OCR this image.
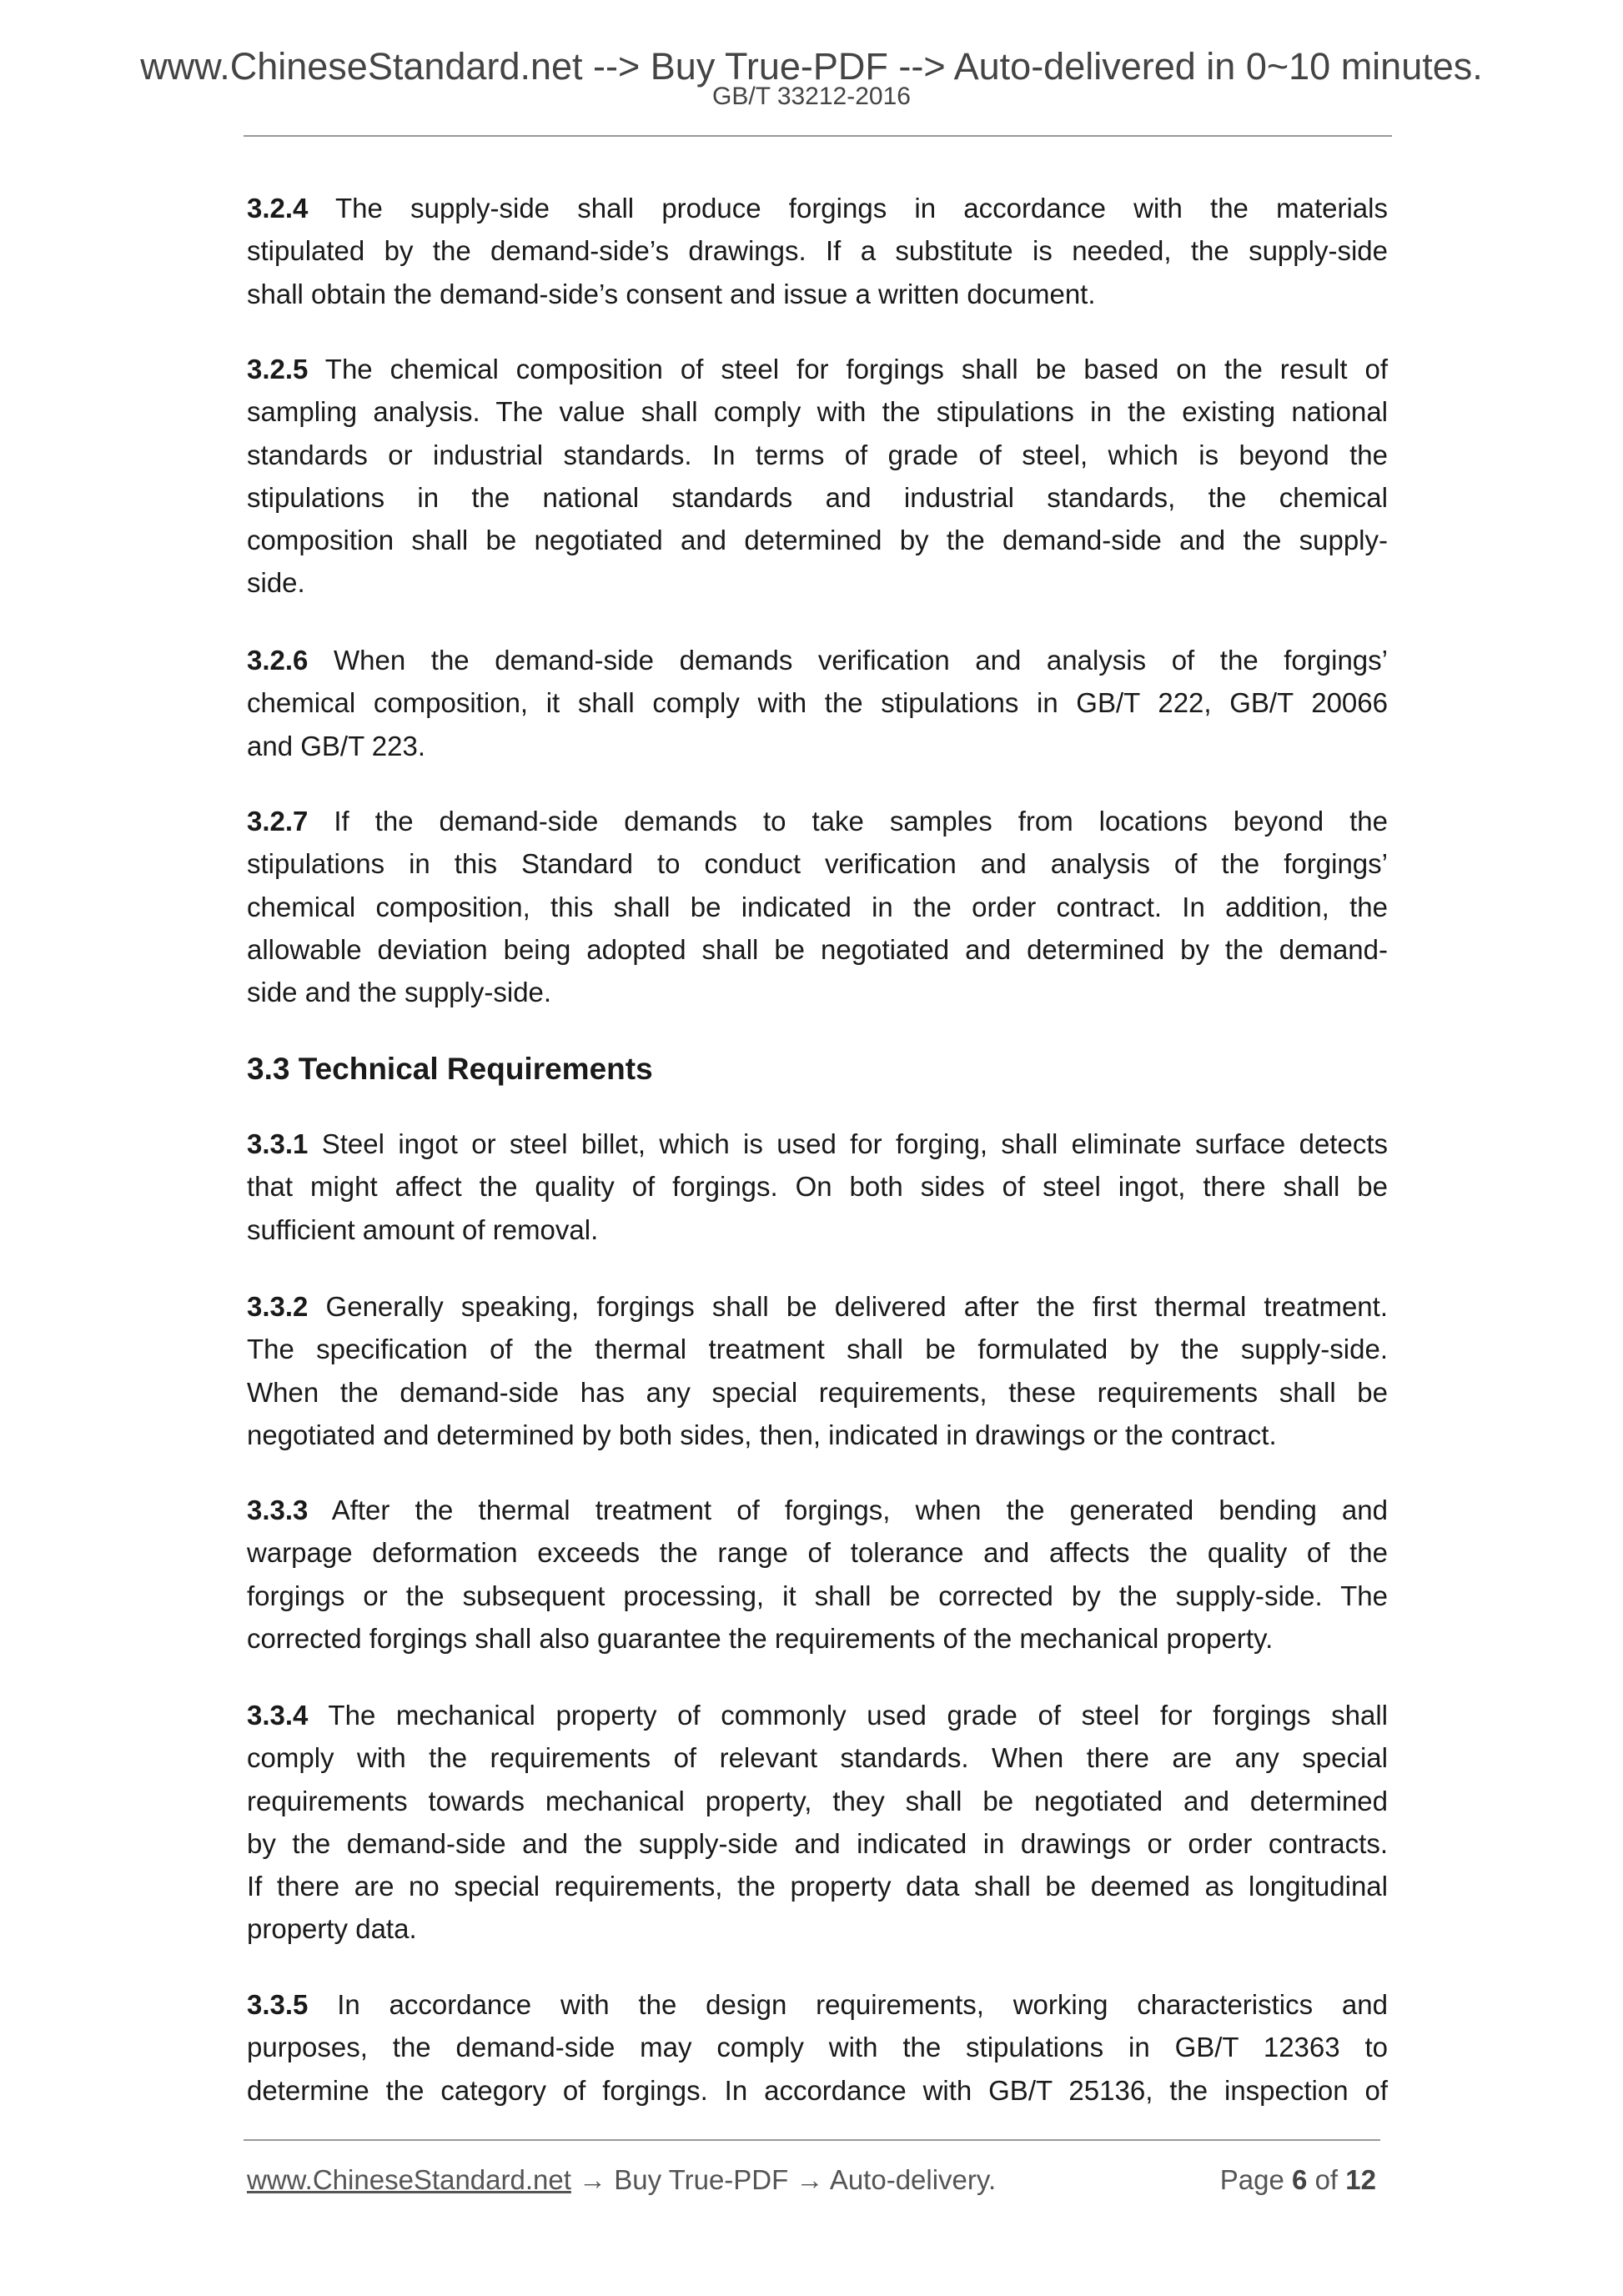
www.ChineseStandard.net --> Buy True-PDF --> Auto-delivered in 0~10 minutes.
GB/T 33212-2016
3.2.4 The supply-side shall produce forgings in accordance with the materials
stipulated by the demand-side’s drawings. If a substitute is needed, the supply-side
shall obtain the demand-side’s consent and issue a written document.
3.2.5 The chemical composition of steel for forgings shall be based on the result of
sampling analysis. The value shall comply with the stipulations in the existing national
standards or industrial standards. In terms of grade of steel, which is beyond the
stipulations in the national standards and industrial standards, the chemical
composition shall be negotiated and determined by the demand-side and the supply-
side.
3.2.6 When the demand-side demands verification and analysis of the forgings’
chemical composition, it shall comply with the stipulations in GB/T 222, GB/T 20066
and GB/T 223.
3.2.7 If the demand-side demands to take samples from locations beyond the
stipulations in this Standard to conduct verification and analysis of the forgings’
chemical composition, this shall be indicated in the order contract. In addition, the
allowable deviation being adopted shall be negotiated and determined by the demand-
side and the supply-side.
3.3 Technical Requirements
3.3.1 Steel ingot or steel billet, which is used for forging, shall eliminate surface detects
that might affect the quality of forgings. On both sides of steel ingot, there shall be
sufficient amount of removal.
3.3.2 Generally speaking, forgings shall be delivered after the first thermal treatment.
The specification of the thermal treatment shall be formulated by the supply-side.
When the demand-side has any special requirements, these requirements shall be
negotiated and determined by both sides, then, indicated in drawings or the contract.
3.3.3 After the thermal treatment of forgings, when the generated bending and
warpage deformation exceeds the range of tolerance and affects the quality of the
forgings or the subsequent processing, it shall be corrected by the supply-side. The
corrected forgings shall also guarantee the requirements of the mechanical property.
3.3.4 The mechanical property of commonly used grade of steel for forgings shall
comply with the requirements of relevant standards. When there are any special
requirements towards mechanical property, they shall be negotiated and determined
by the demand-side and the supply-side and indicated in drawings or order contracts.
If there are no special requirements, the property data shall be deemed as longitudinal
property data.
3.3.5 In accordance with the design requirements, working characteristics and
purposes, the demand-side may comply with the stipulations in GB/T 12363 to
determine the category of forgings. In accordance with GB/T 25136, the inspection of
www.ChineseStandard.net → Buy True-PDF → Auto-delivery.	Page 6 of 12
